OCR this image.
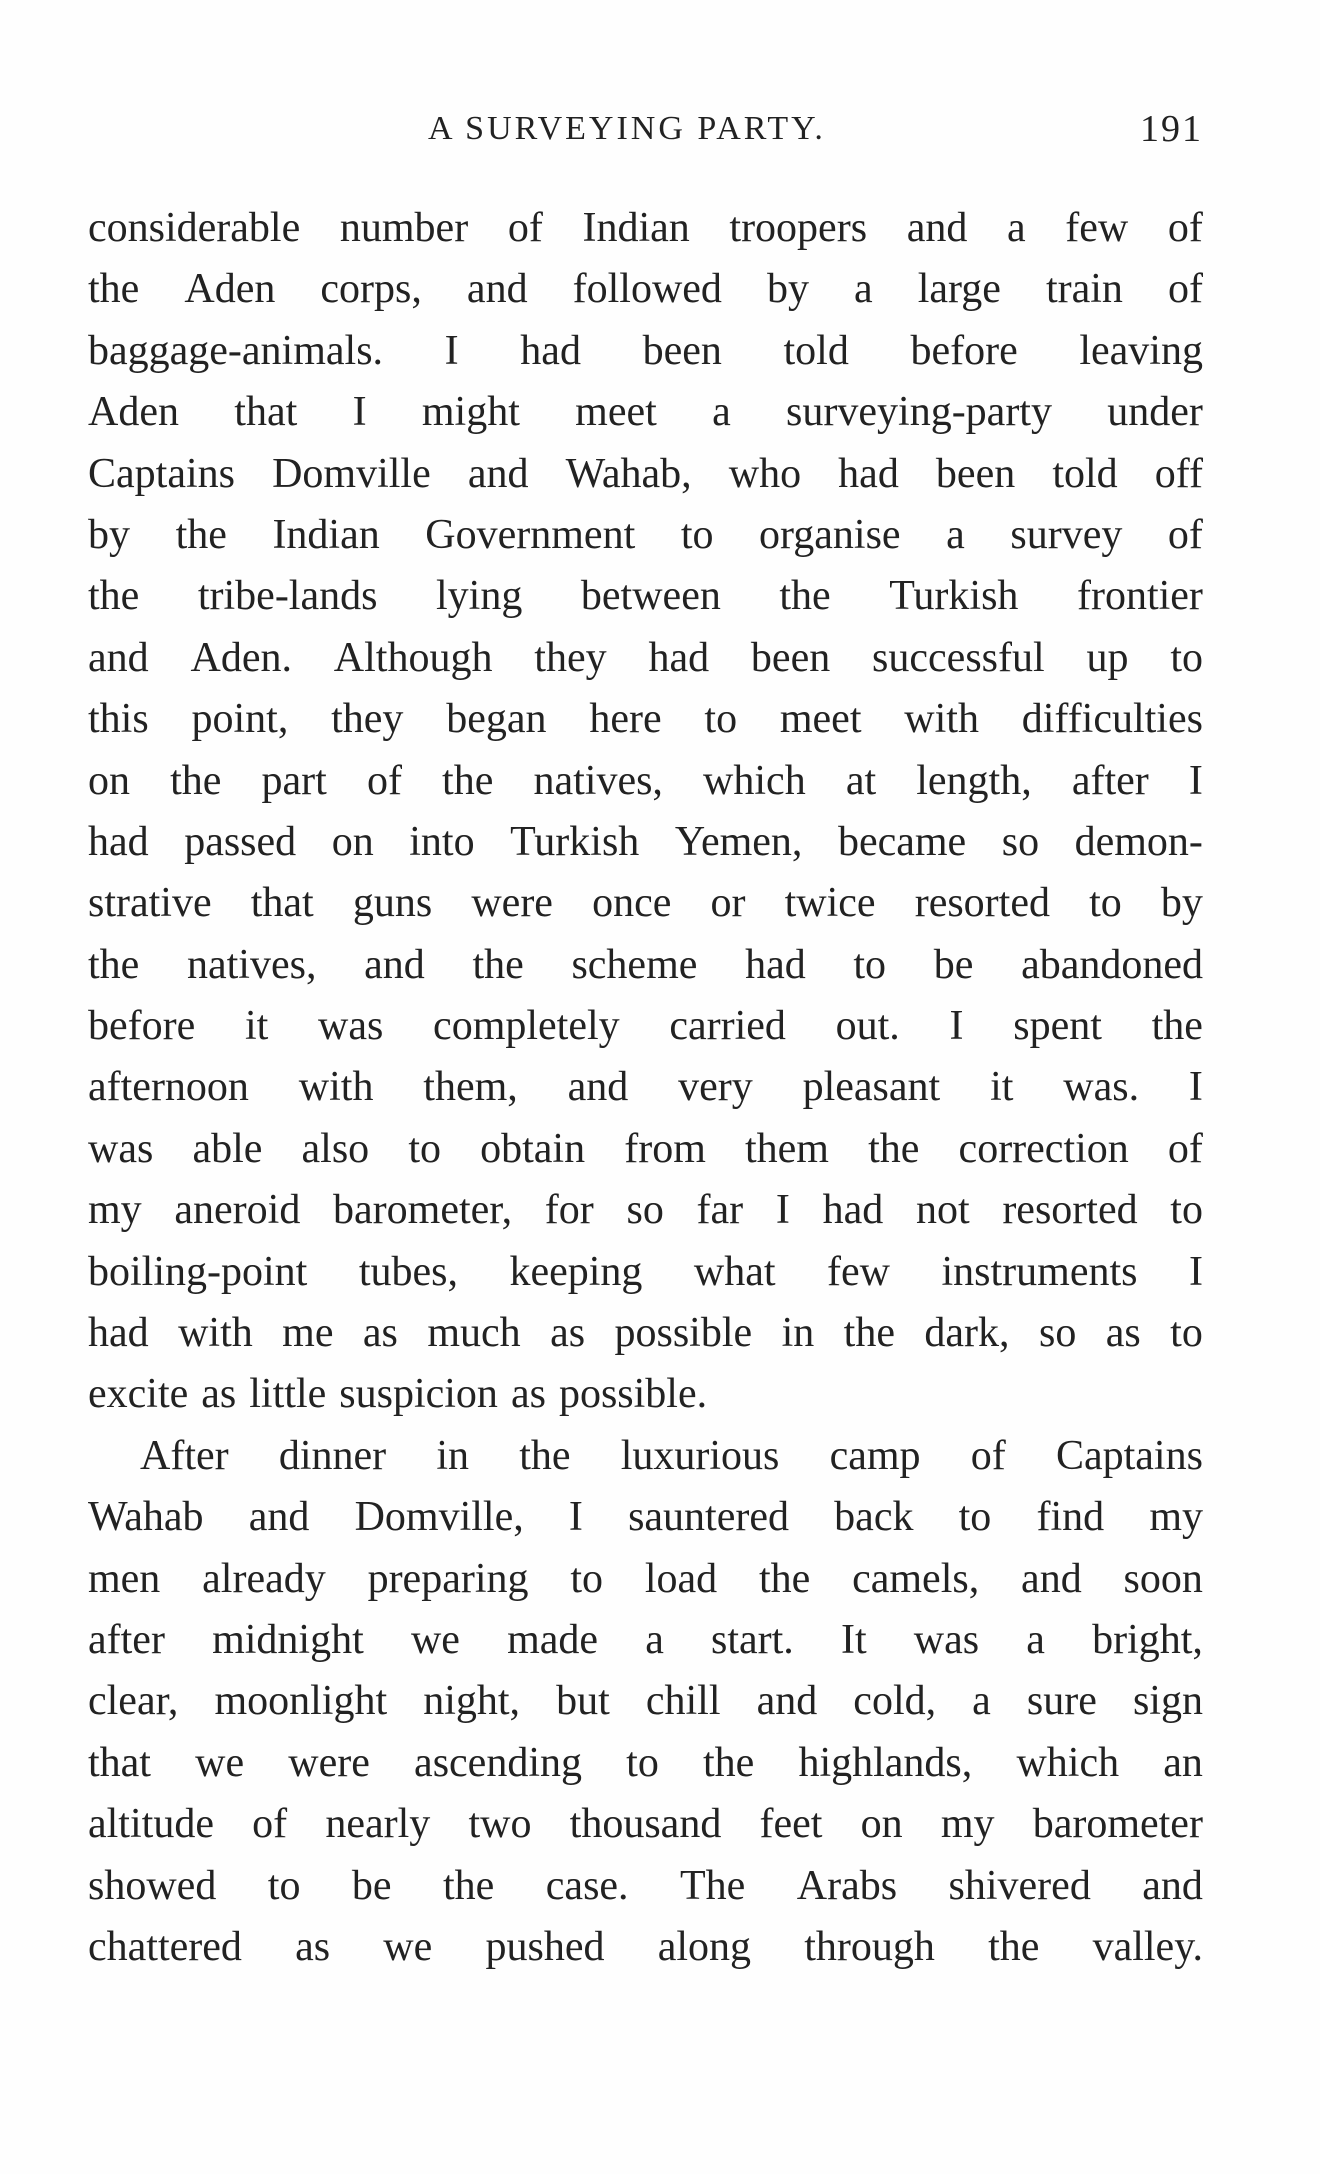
A SURVEYING PARTY.	191
considerable number of Indian troopers and a few of
the Aden corps, and followed by a large train of
baggage-animals. I had been told before leaving
Aden that I might meet a surveying-party under
Captains Domville and Wahab, who had been told off
by the Indian Government to organise a survey of
the tribe-lands lying between the Turkish frontier
and Aden. Although they had been successful up to
this point, they began here to meet with difficulties
on the part of the natives, which at length, after I
had passed on into Turkish Yemen, became so demon-
strative that guns were once or twice resorted to by
the natives, and the scheme had to be abandoned
before it was completely carried out. I spent the
afternoon with them, and very pleasant it was. I
was able also to obtain from them the correction of
my aneroid barometer, for so far I had not resorted to
boiling-point tubes, keeping what few instruments I
had with me as much as possible in the dark, so as to
excite as little suspicion as possible.
After dinner in the luxurious camp of Captains
Wahab and Domville, I sauntered back to find my
men already preparing to load the camels, and soon
after midnight we made a start. It was a bright,
clear, moonlight night, but chill and cold, a sure sign
that we were ascending to the highlands, which an
altitude of nearly two thousand feet on my barometer
showed to be the case. The Arabs shivered and
chattered as we pushed along through the valley.
